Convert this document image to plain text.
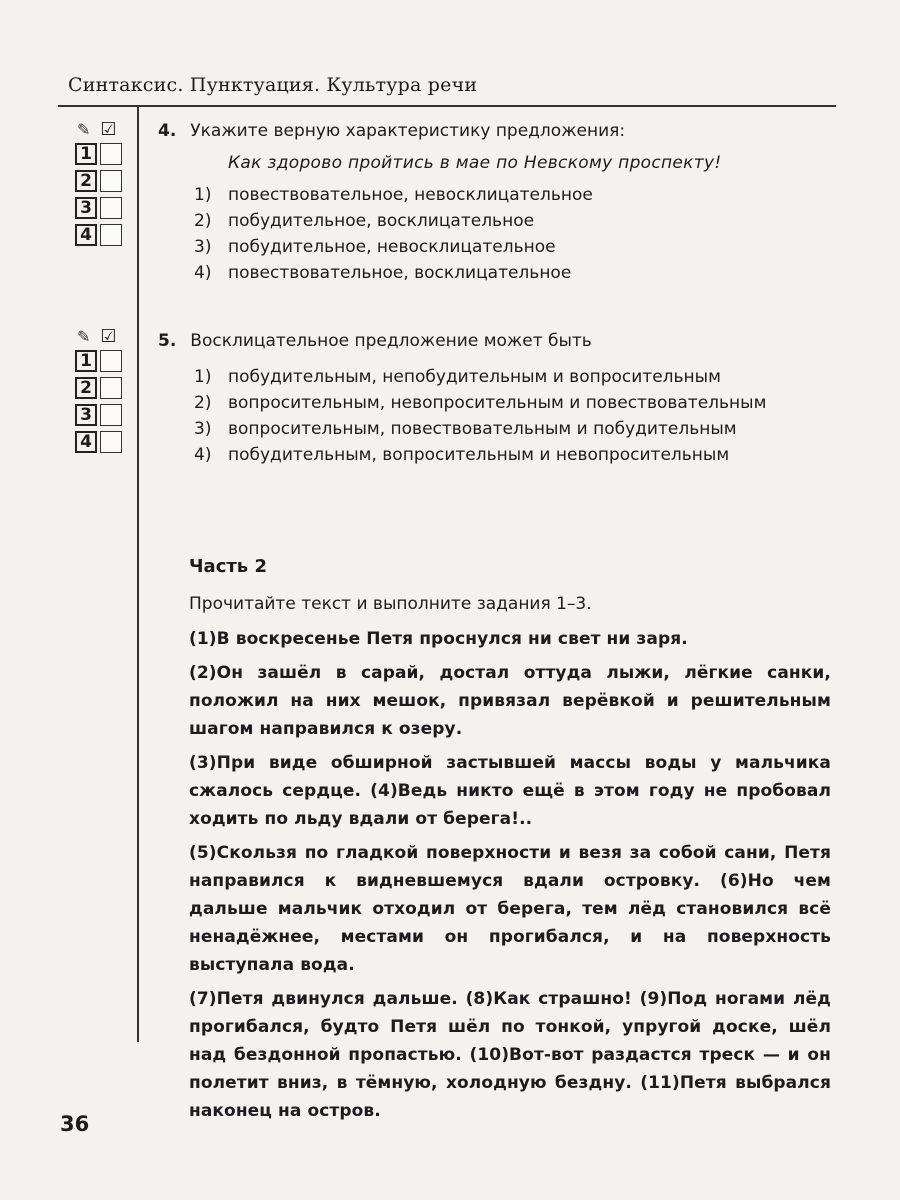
Синтаксис. Пунктуация. Культура речи
✎ ☑
1
2
3
4
4. Укажите верную характеристику предложения:
Как здорово пройтись в мае по Невскому проспекту!
1) повествовательное, невосклицательное
2) побудительное, восклицательное
3) побудительное, невосклицательное
4) повествовательное, восклицательное
✎ ☑
1
2
3
4
5. Восклицательное предложение может быть
1) побудительным, непобудительным и вопросительным
2) вопросительным, невопросительным и повествовательным
3) вопросительным, повествовательным и побудительным
4) побудительным, вопросительным и невопросительным
Часть 2
Прочитайте текст и выполните задания 1–3.

(1)В воскресенье Петя проснулся ни свет ни заря.

(2)Он зашёл в сарай, достал оттуда лыжи, лёгкие санки, положил на них мешок, привязал верёвкой и решительным шагом направился к озеру.

(3)При виде обширной застывшей массы воды у мальчика сжалось сердце. (4)Ведь никто ещё в этом году не пробовал ходить по льду вдали от берега!..

(5)Скользя по гладкой поверхности и везя за собой сани, Петя направился к видневшемуся вдали островку. (6)Но чем дальше мальчик отходил от берега, тем лёд становился всё ненадёжнее, местами он прогибался, и на поверхность выступала вода.

(7)Петя двинулся дальше. (8)Как страшно! (9)Под ногами лёд прогибался, будто Петя шёл по тонкой, упругой доске, шёл над бездонной пропастью. (10)Вот-вот раздастся треск — и он полетит вниз, в тёмную, холодную бездну. (11)Петя выбрался наконец на остров.

36
